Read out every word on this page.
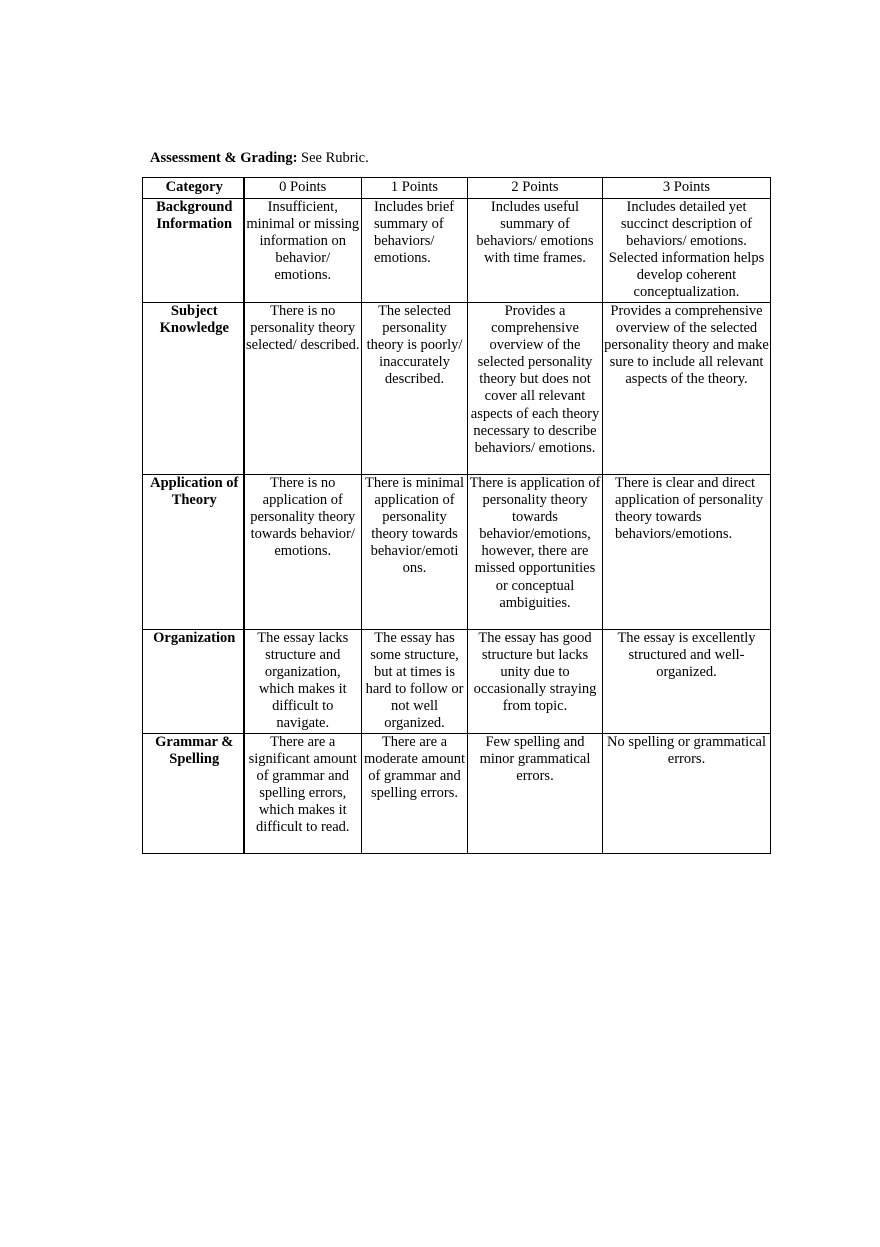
Assessment & Grading: See Rubric.
Category	0 Points	1 Points	2 Points	3 Points
Background Information	Insufficient, minimal or missing information on behavior/ emotions.	Includes brief summary of behaviors/ emotions.	Includes useful summary of behaviors/ emotions with time frames.	Includes detailed yet succinct description of behaviors/ emotions. Selected information helps develop coherent conceptualization.
Subject Knowledge	There is no personality theory selected/ described.	The selected personality theory is poorly/ inaccurately described.	Provides a comprehensive overview of the selected personality theory but does not cover all relevant aspects of each theory necessary to describe behaviors/ emotions.	Provides a comprehensive overview of the selected personality theory and make sure to include all relevant aspects of the theory.
Application of Theory	There is no application of personality theory towards behavior/ emotions.	There is minimal application of personality theory towards behavior/emoti ons.	There is application of personality theory towards behavior/emotions, however, there are missed opportunities or conceptual ambiguities.	There is clear and direct application of personality theory towards behaviors/emotions.
Organization	The essay lacks structure and organization, which makes it difficult to navigate.	The essay has some structure, but at times is hard to follow or not well organized.	The essay has good structure but lacks unity due to occasionally straying from topic.	The essay is excellently structured and well-organized.
Grammar & Spelling	There are a significant amount of grammar and spelling errors, which makes it difficult to read.	There are a moderate amount of grammar and spelling errors.	Few spelling and minor grammatical errors.	No spelling or grammatical errors.
